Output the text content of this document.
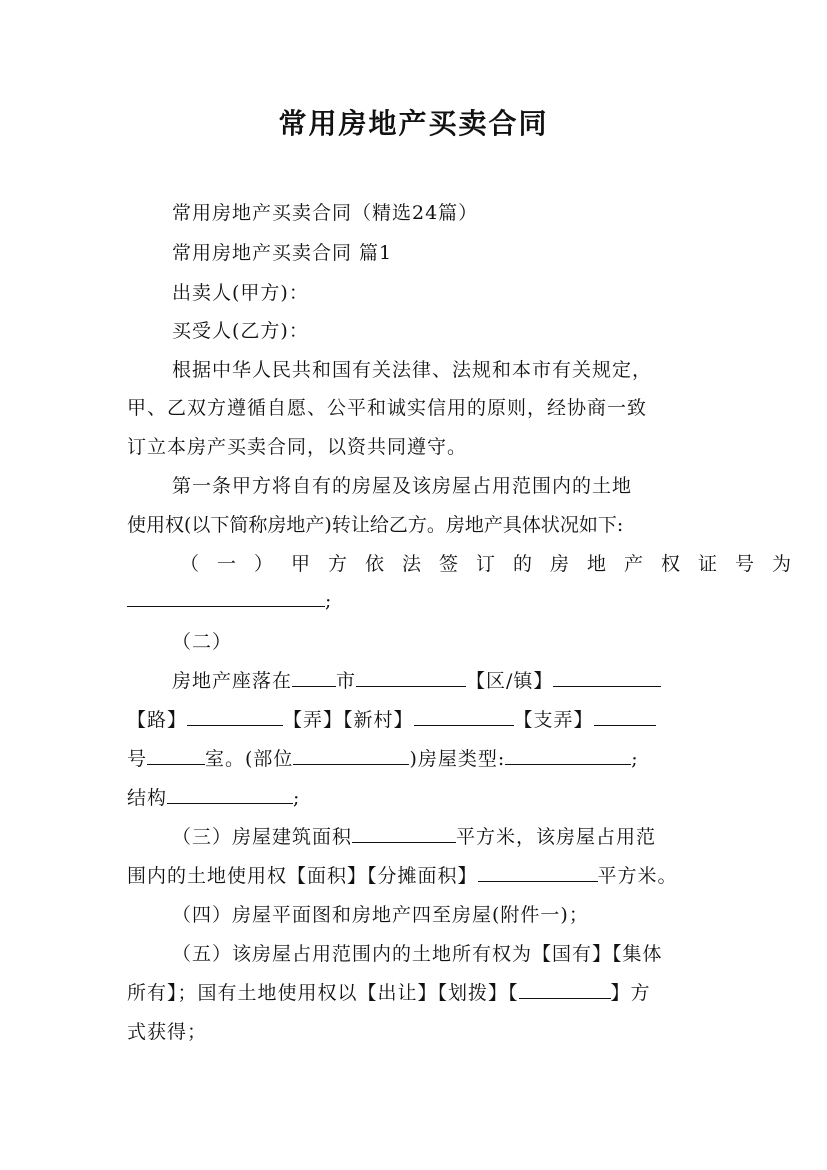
常用房地产买卖合同
常用房地产买卖合同（精选24篇）
常用房地产买卖合同 篇1
出卖人(甲方)：
买受人(乙方)：
根据中华人民共和国有关法律、法规和本市有关规定，
甲、乙双方遵循自愿、公平和诚实信用的原则，经协商一致
订立本房产买卖合同，以资共同遵守。
第一条甲方将自有的房屋及该房屋占用范围内的土地
使用权(以下简称房地产)转让给乙方。房地产具体状况如下:
（一）甲方依法签订的房地产权证号为
;
（二）
房地产座落在 市	【区/镇】
【路】	【弄】【新村】	【支弄】
号	室。(部位	)房屋类型:	;
结构	;
（三）房屋建筑面积	平方米，该房屋占用范
围内的土地使用权【面积】【分摊面积】	平方米。
（四）房屋平面图和房地产四至房屋(附件一)；
（五）该房屋占用范围内的土地所有权为【国有】【集体
所有】；国有土地使用权以【出让】【划拨】【	】方
式获得；
